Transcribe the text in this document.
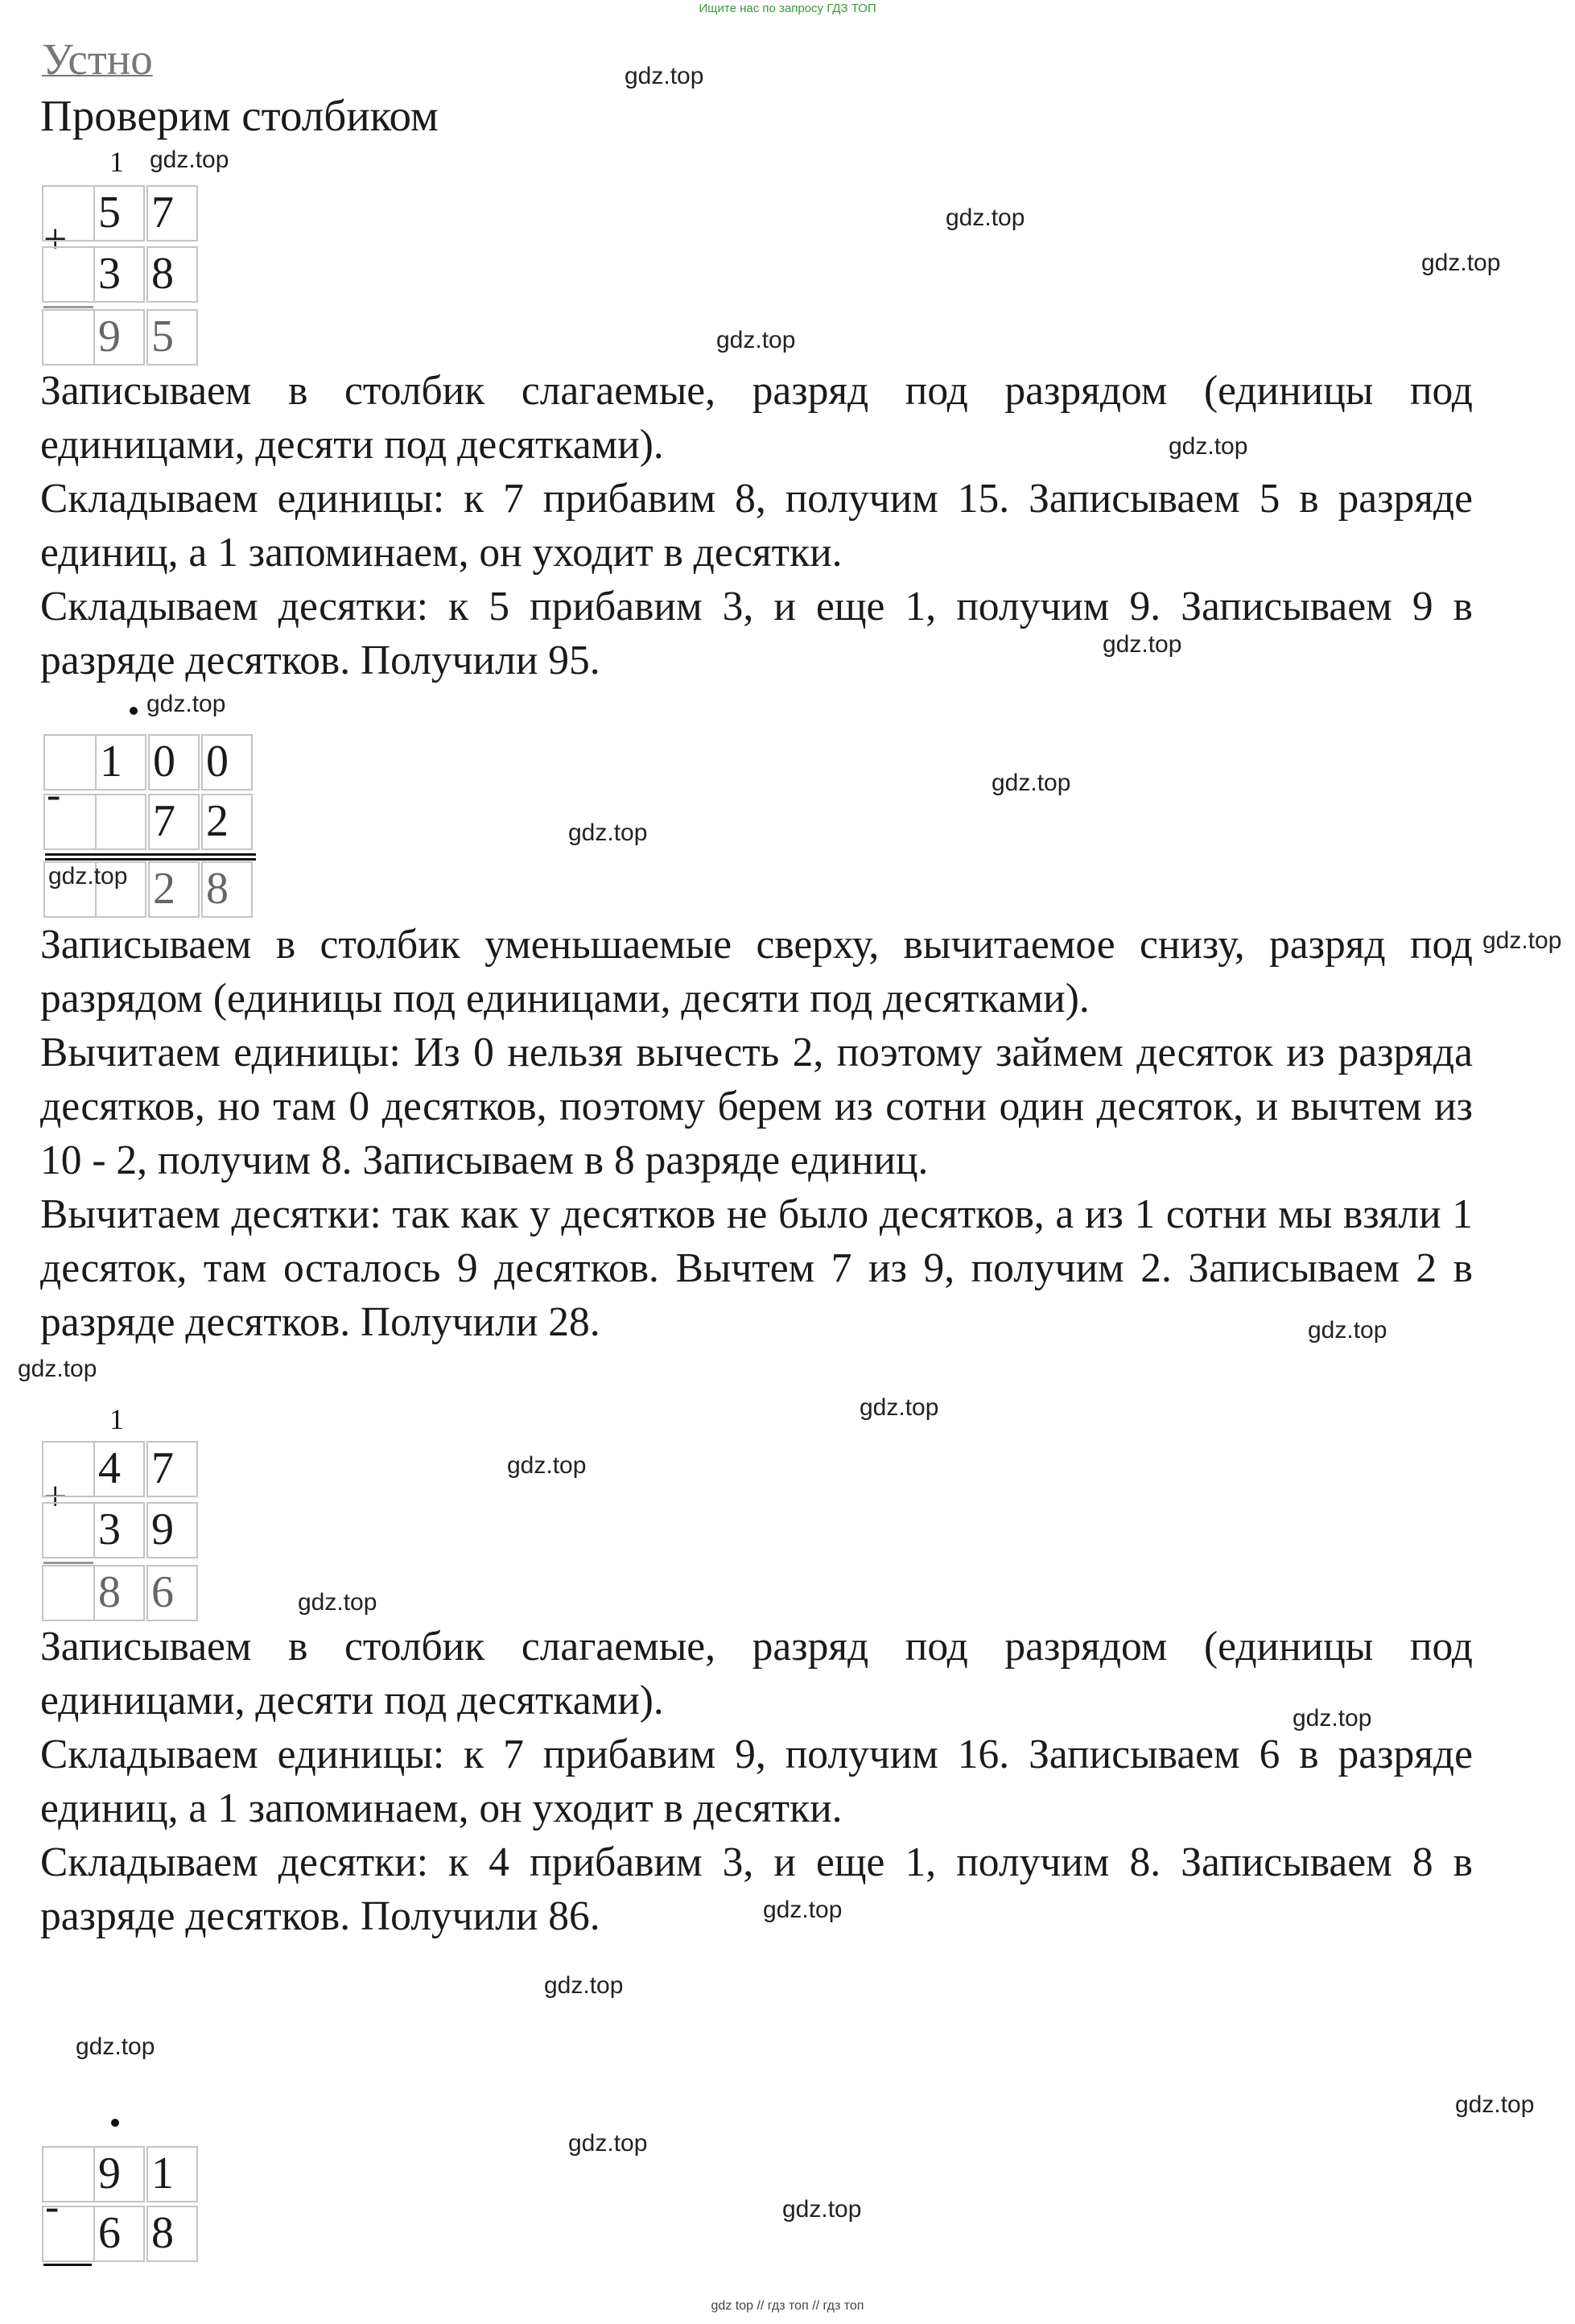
Ищите нас по запросу ГДЗ ТОП
Устно
Проверим столбиком
1
+
5 7
3 8
9 5

Записываем в столбик слагаемые, разряд под разрядом (единицы под единицами, десяти под десятками).

Складываем единицы: к 7 прибавим 8, получим 15. Записываем 5 в разряде единиц, а 1 запоминаем, он уходит в десятки.

Складываем десятки: к 5 прибавим 3, и еще 1, получим 9. Записываем 9 в разряде десятков. Получили 95.

-
1 0 0
7 2
2 8

Записываем в столбик уменьшаемые сверху, вычитаемое снизу, разряд под разрядом (единицы под единицами, десяти под десятками).

Вычитаем единицы: Из 0 нельзя вычесть 2, поэтому займем десяток из разряда десятков, но там 0 десятков, поэтому берем из сотни один десяток, и вычтем из 10 - 2, получим 8. Записываем в 8 разряде единиц.

Вычитаем десятки: так как у десятков не было десятков, а из 1 сотни мы взяли 1 десяток, там осталось 9 десятков. Вычтем 7 из 9, получим 2. Записываем 2 в разряде десятков. Получили 28.

1
+
4 7
3 9
8 6

Записываем в столбик слагаемые, разряд под разрядом (единицы под единицами, десяти под десятками).

Складываем единицы: к 7 прибавим 9, получим 16. Записываем 6 в разряде единиц, а 1 запоминаем, он уходит в десятки.

Складываем десятки: к 4 прибавим 3, и еще 1, получим 8. Записываем 8 в разряде десятков. Получили 86.

-
9 1
6 8
gdz.top
gdz.top
gdz.top
gdz.top
gdz.top
gdz.top
gdz.top
gdz.top
gdz.top
gdz.top
gdz.top
gdz.top
gdz.top
gdz.top
gdz.top
gdz.top
gdz.top
gdz.top
gdz.top
gdz.top
gdz.top
gdz.top
gdz.top
gdz.top
gdz top // гдз топ // гдз топ
